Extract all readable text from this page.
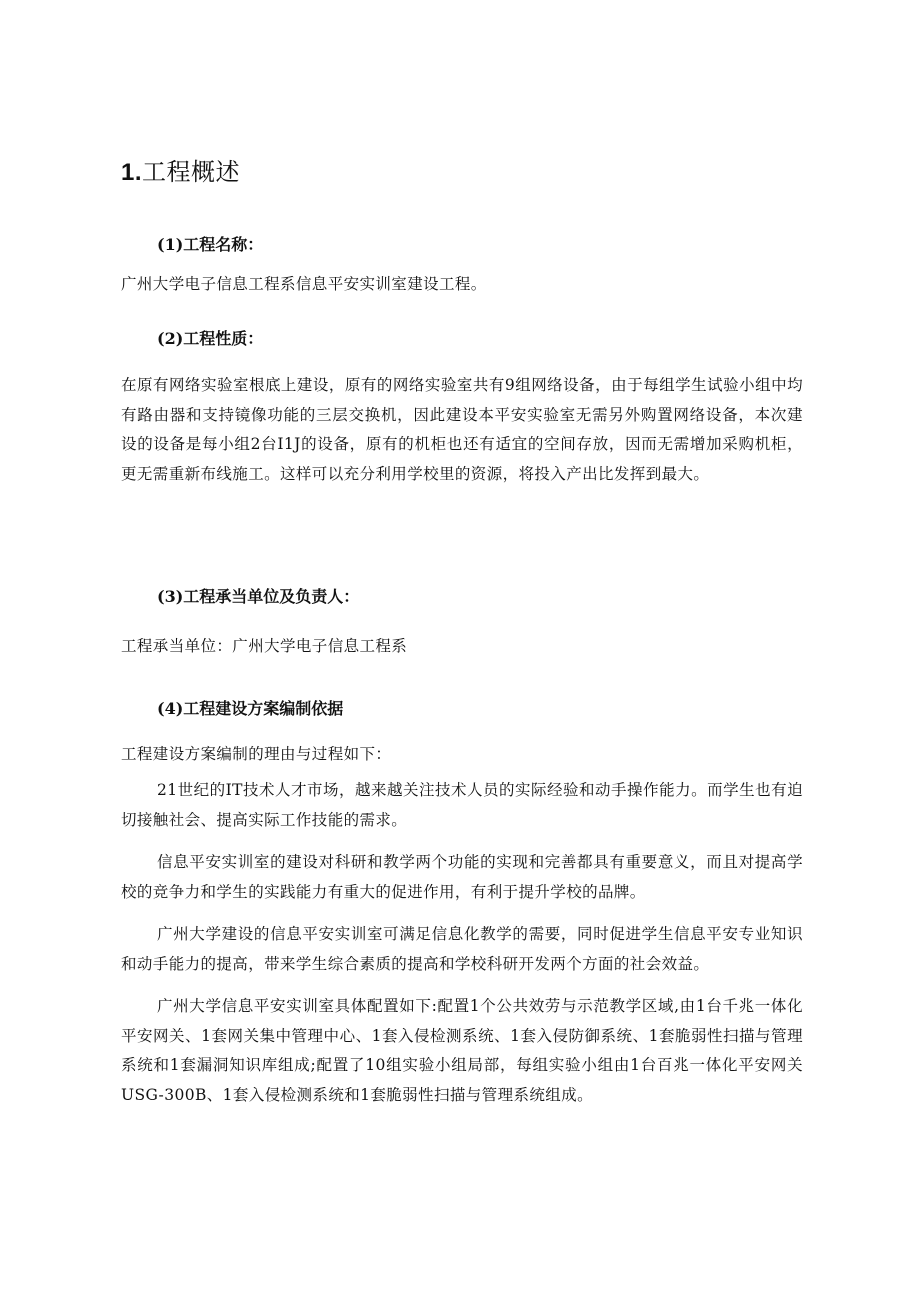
1.工程概述
(1)工程名称：

广州大学电子信息工程系信息平安实训室建设工程。

(2)工程性质：

在原有网络实验室根底上建设，原有的网络实验室共有9组网络设备，由于每组学生试验小组中均有路由器和支持镜像功能的三层交换机，因此建设本平安实验室无需另外购置网络设备，本次建设的设备是每小组2台I1J的设备，原有的机柜也还有适宜的空间存放，因而无需增加采购机柜，更无需重新布线施工。这样可以充分利用学校里的资源，将投入产出比发挥到最大。

(3)工程承当单位及负责人：

工程承当单位：广州大学电子信息工程系

(4)工程建设方案编制依据

工程建设方案编制的理由与过程如下：

21世纪的IT技术人才市场，越来越关注技术人员的实际经验和动手操作能力。而学生也有迫切接触社会、提高实际工作技能的需求。

信息平安实训室的建设对科研和教学两个功能的实现和完善都具有重要意义，而且对提高学校的竞争力和学生的实践能力有重大的促进作用，有利于提升学校的品牌。

广州大学建设的信息平安实训室可满足信息化教学的需要，同时促进学生信息平安专业知识和动手能力的提高，带来学生综合素质的提高和学校科研开发两个方面的社会效益。

广州大学信息平安实训室具体配置如下:配置1个公共效劳与示范教学区域,由1台千兆一体化平安网关、1套网关集中管理中心、1套入侵检测系统、1套入侵防御系统、1套脆弱性扫描与管理系统和1套漏洞知识库组成;配置了10组实验小组局部，每组实验小组由1台百兆一体化平安网关USG-300B、1套入侵检测系统和1套脆弱性扫描与管理系统组成。
